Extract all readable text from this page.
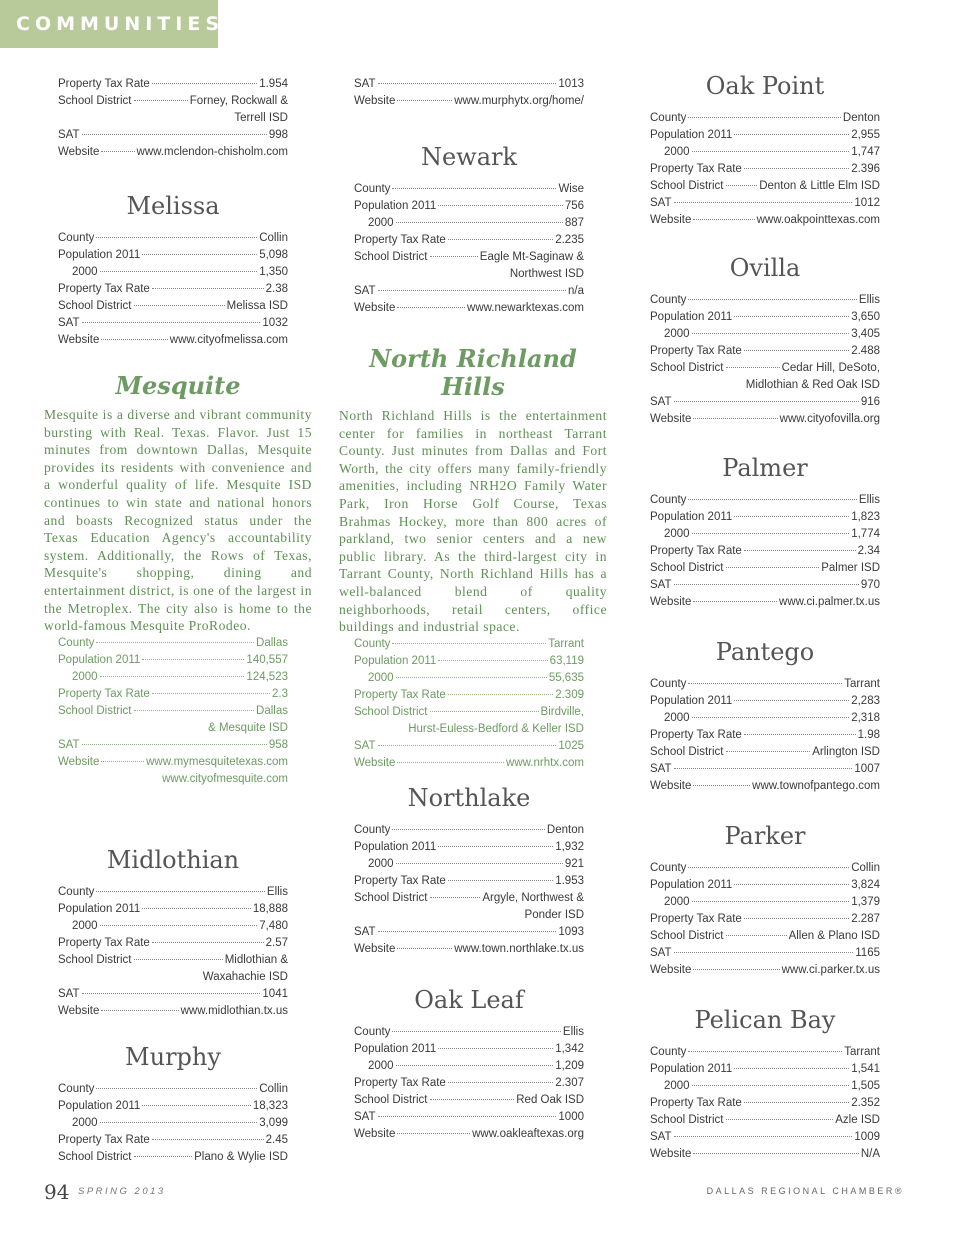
COMMUNITIES
Property Tax Rate	1.954
School District	Forney, Rockwall &
Terrell ISD
SAT	998
Website	www.mclendon-chisholm.com
Melissa
County	Collin
Population 2011	5,098
2000	1,350
Property Tax Rate	2.38
School District	Melissa ISD
SAT	1032
Website	www.cityofmelissa.com
Mesquite
Mesquite is a diverse and vibrant community bursting with Real. Texas. Flavor. Just 15 minutes from downtown Dallas, Mesquite provides its residents with convenience and a wonderful quality of life. Mesquite ISD continues to win state and national honors and boasts Recognized status under the Texas Education Agency's accountability system. Additionally, the Rows of Texas, Mesquite's shopping, dining and entertainment district, is one of the largest in the Metroplex. The city also is home to the world-famous Mesquite ProRodeo.
County	Dallas
Population 2011	140,557
2000	124,523
Property Tax Rate	2.3
School District	Dallas
& Mesquite ISD
SAT	958
Website	www.mymesquitetexas.com
www.cityofmesquite.com
Midlothian
County	Ellis
Population 2011	18,888
2000	7,480
Property Tax Rate	2.57
School District	Midlothian &
Waxahachie ISD
SAT	1041
Website	www.midlothian.tx.us
Murphy
County	Collin
Population 2011	18,323
2000	3,099
Property Tax Rate	2.45
School District	Plano & Wylie ISD
SAT	1013
Website	www.murphytx.org/home/
Newark
County	Wise
Population 2011	756
2000	887
Property Tax Rate	2.235
School District	Eagle Mt-Saginaw &
Northwest ISD
SAT	n/a
Website	www.newarktexas.com
North Richland Hills
North Richland Hills is the entertainment center for families in northeast Tarrant County. Just minutes from Dallas and Fort Worth, the city offers many family-friendly amenities, including NRH2O Family Water Park, Iron Horse Golf Course, Texas Brahmas Hockey, more than 800 acres of parkland, two senior centers and a new public library. As the third-largest city in Tarrant County, North Richland Hills has a well-balanced blend of quality neighborhoods, retail centers, office buildings and industrial space.
County	Tarrant
Population 2011	63,119
2000	55,635
Property Tax Rate	2.309
School District	Birdville,
Hurst-Euless-Bedford & Keller ISD
SAT	1025
Website	www.nrhtx.com
Northlake
County	Denton
Population 2011	1,932
2000	921
Property Tax Rate	1.953
School District	Argyle, Northwest &
Ponder ISD
SAT	1093
Website	www.town.northlake.tx.us
Oak Leaf
County	Ellis
Population 2011	1,342
2000	1,209
Property Tax Rate	2.307
School District	Red Oak ISD
SAT	1000
Website	www.oakleaftexas.org
Oak Point
County	Denton
Population 2011	2,955
2000	1,747
Property Tax Rate	2.396
School District	Denton & Little Elm ISD
SAT	1012
Website	www.oakpointtexas.com
Ovilla
County	Ellis
Population 2011	3,650
2000	3,405
Property Tax Rate	2.488
School District	Cedar Hill, DeSoto,
Midlothian & Red Oak ISD
SAT	916
Website	www.cityofovilla.org
Palmer
County	Ellis
Population 2011	1,823
2000	1,774
Property Tax Rate	2.34
School District	Palmer ISD
SAT	970
Website	www.ci.palmer.tx.us
Pantego
County	Tarrant
Population 2011	2,283
2000	2,318
Property Tax Rate	1.98
School District	Arlington ISD
SAT	1007
Website	www.townofpantego.com
Parker
County	Collin
Population 2011	3,824
2000	1,379
Property Tax Rate	2.287
School District	Allen & Plano ISD
SAT	1165
Website	www.ci.parker.tx.us
Pelican Bay
County	Tarrant
Population 2011	1,541
2000	1,505
Property Tax Rate	2.352
School District	Azle ISD
SAT	1009
Website	N/A
94 SPRING 2013	DALLAS REGIONAL CHAMBER®
